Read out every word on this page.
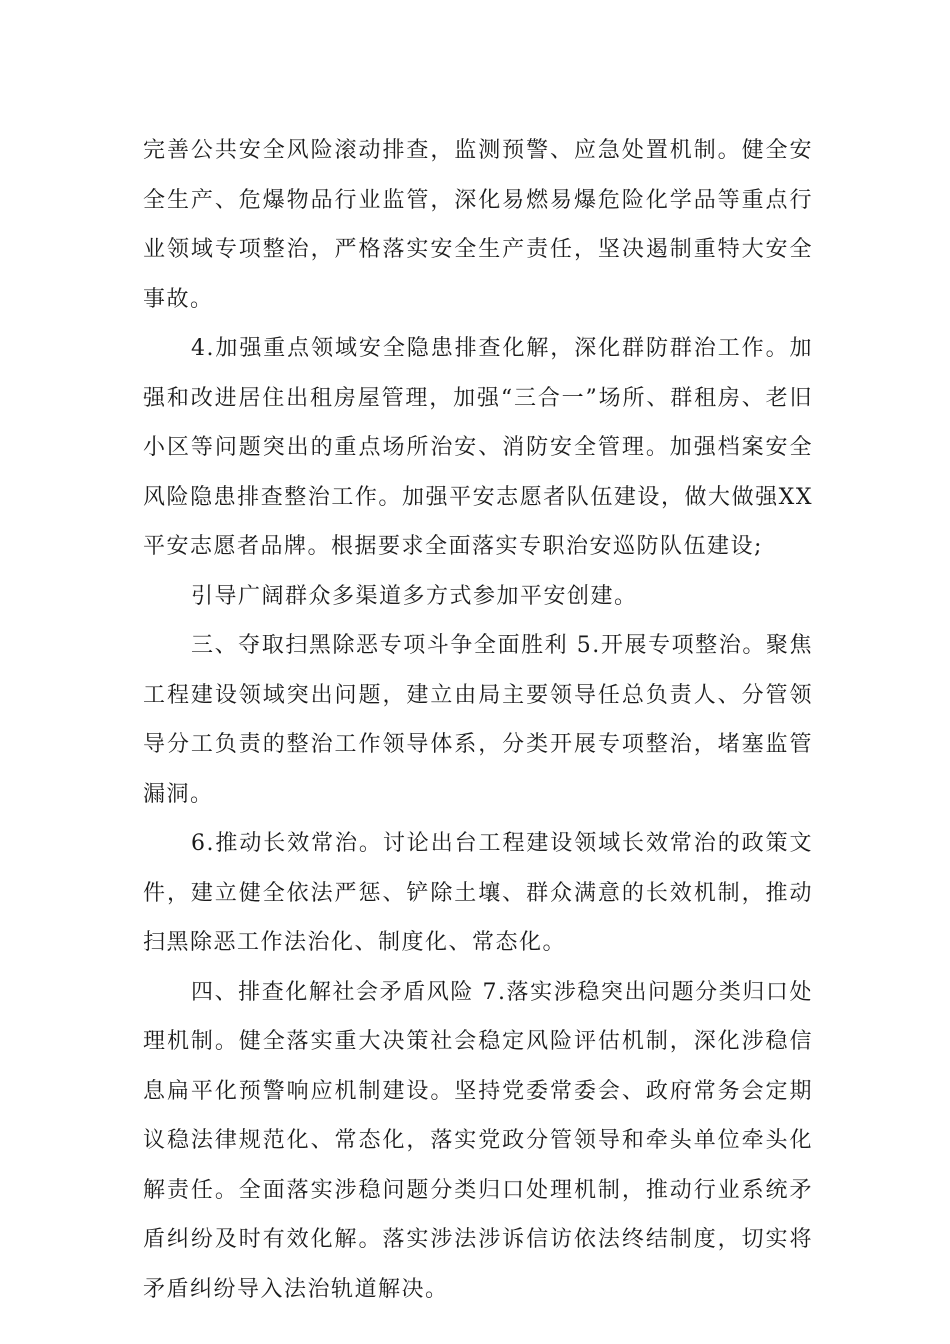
完善公共安全风险滚动排查，监测预警、应急处置机制。健全安全生产、危爆物品行业监管，深化易燃易爆危险化学品等重点行业领域专项整治，严格落实安全生产责任，坚决遏制重特大安全事故。

4.加强重点领域安全隐患排查化解，深化群防群治工作。加强和改进居住出租房屋管理，加强“三合一”场所、群租房、老旧小区等问题突出的重点场所治安、消防安全管理。加强档案安全风险隐患排查整治工作。加强平安志愿者队伍建设，做大做强XX平安志愿者品牌。根据要求全面落实专职治安巡防队伍建设;

引导广阔群众多渠道多方式参加平安创建。

三、夺取扫黑除恶专项斗争全面胜利 5.开展专项整治。聚焦工程建设领域突出问题，建立由局主要领导任总负责人、分管领导分工负责的整治工作领导体系，分类开展专项整治，堵塞监管漏洞。

6.推动长效常治。讨论出台工程建设领域长效常治的政策文件，建立健全依法严惩、铲除土壤、群众满意的长效机制，推动扫黑除恶工作法治化、制度化、常态化。

四、排查化解社会矛盾风险 7.落实涉稳突出问题分类归口处理机制。健全落实重大决策社会稳定风险评估机制，深化涉稳信息扁平化预警响应机制建设。坚持党委常委会、政府常务会定期议稳法律规范化、常态化，落实党政分管领导和牵头单位牵头化解责任。全面落实涉稳问题分类归口处理机制，推动行业系统矛盾纠纷及时有效化解。落实涉法涉诉信访依法终结制度，切实将矛盾纠纷导入法治轨道解决。
